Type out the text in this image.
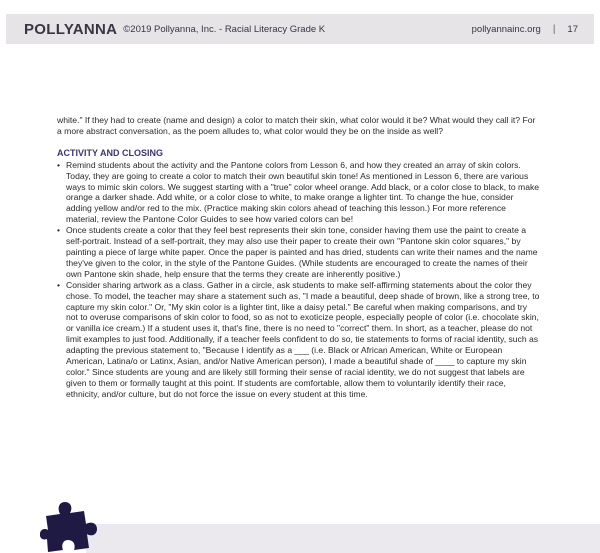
POLLYANNA ©2019 Pollyanna, Inc. - Racial Literacy Grade K	pollyannainc.org | 17

white." If they had to create (name and design) a color to match their skin, what color would it be? What would they call it? For a more abstract conversation, as the poem alludes to, what color would they be on the inside as well?

ACTIVITY AND CLOSING
• Remind students about the activity and the Pantone colors from Lesson 6, and how they created an array of skin colors. Today, they are going to create a color to match their own beautiful skin tone! As mentioned in Lesson 6, there are various ways to mimic skin colors. We suggest starting with a "true" color wheel orange. Add black, or a color close to black, to make orange a darker shade. Add white, or a color close to white, to make orange a lighter tint. To change the hue, consider adding yellow and/or red to the mix. (Practice making skin colors ahead of teaching this lesson.) For more reference material, review the Pantone Color Guides to see how varied colors can be!
• Once students create a color that they feel best represents their skin tone, consider having them use the paint to create a self-portrait. Instead of a self-portrait, they may also use their paper to create their own "Pantone skin color squares," by painting a piece of large white paper. Once the paper is painted and has dried, students can write their names and the name they've given to the color, in the style of the Pantone Guides. (While students are encouraged to create the names of their own Pantone skin shade, help ensure that the terms they create are inherently positive.)
• Consider sharing artwork as a class. Gather in a circle, ask students to make self-affirming statements about the color they chose. To model, the teacher may share a statement such as, "I made a beautiful, deep shade of brown, like a strong tree, to capture my skin color." Or, "My skin color is a lighter tint, like a daisy petal." Be careful when making comparisons, and try not to overuse comparisons of skin color to food, so as not to exoticize people, especially people of color (i.e. chocolate skin, or vanilla ice cream.) If a student uses it, that's fine, there is no need to "correct" them. In short, as a teacher, please do not limit examples to just food. Additionally, if a teacher feels confident to do so, tie statements to forms of racial identity, such as adapting the previous statement to, "Because I identify as a ___ (i.e. Black or African American, White or European American, Latina/o or Latinx, Asian, and/or Native American person), I made a beautiful shade of ____ to capture my skin color." Since students are young and are likely still forming their sense of racial identity, we do not suggest that labels are given to them or formally taught at this point. If students are comfortable, allow them to voluntarily identify their race, ethnicity, and/or culture, but do not force the issue on every student at this time.
